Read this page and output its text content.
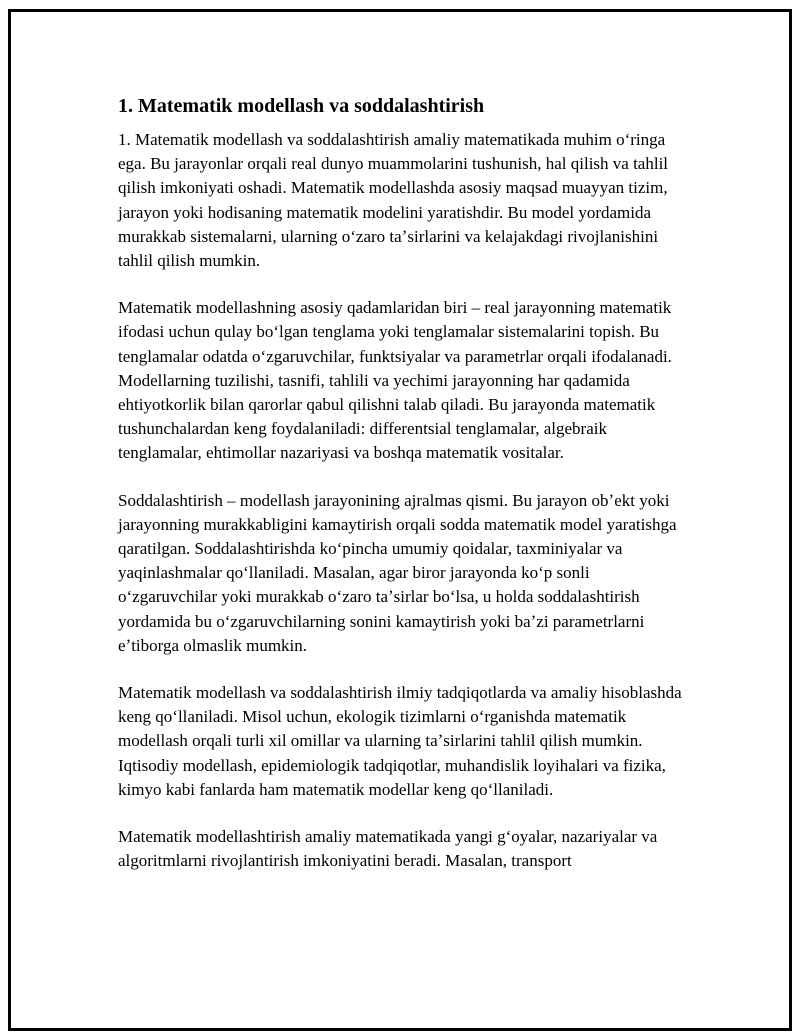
1. Matematik modellash va soddalashtirish

1. Matematik modellash va soddalashtirish amaliy matematikada muhim oʻringa ega. Bu jarayonlar orqali real dunyo muammolarini tushunish, hal qilish va tahlil qilish imkoniyati oshadi. Matematik modellashda asosiy maqsad muayyan tizim, jarayon yoki hodisaning matematik modelini yaratishdir. Bu model yordamida murakkab sistemalarni, ularning oʻzaro taʼsirlarini va kelajakdagi rivojlanishini tahlil qilish mumkin.

Matematik modellashning asosiy qadamlaridan biri – real jarayonning matematik ifodasi uchun qulay boʻlgan tenglama yoki tenglamalar sistemalarini topish. Bu tenglamalar odatda oʻzgaruvchilar, funktsiyalar va parametrlar orqali ifodalanadi. Modellarning tuzilishi, tasnifi, tahlili va yechimi jarayonning har qadamida ehtiyotkorlik bilan qarorlar qabul qilishni talab qiladi. Bu jarayonda matematik tushunchalardan keng foydalaniladi: differentsial tenglamalar, algebraik tenglamalar, ehtimollar nazariyasi va boshqa matematik vositalar.

Soddalashtirish – modellash jarayonining ajralmas qismi. Bu jarayon obʼekt yoki jarayonning murakkabligini kamaytirish orqali sodda matematik model yaratishga qaratilgan. Soddalashtirishda koʻpincha umumiy qoidalar, taxminiyalar va yaqinlashmalar qoʻllaniladi. Masalan, agar biror jarayonda koʻp sonli oʻzgaruvchilar yoki murakkab oʻzaro taʼsirlar boʻlsa, u holda soddalashtirish yordamida bu oʻzgaruvchilarning sonini kamaytirish yoki baʼzi parametrlarni eʼtiborga olmaslik mumkin.

Matematik modellash va soddalashtirish ilmiy tadqiqotlarda va amaliy hisoblashda keng qoʻllaniladi. Misol uchun, ekologik tizimlarni oʻrganishda matematik modellash orqali turli xil omillar va ularning taʼsirlarini tahlil qilish mumkin. Iqtisodiy modellash, epidemiologik tadqiqotlar, muhandislik loyihalari va fizika, kimyo kabi fanlarda ham matematik modellar keng qoʻllaniladi.

Matematik modellashtirish amaliy matematikada yangi gʻoyalar, nazariyalar va algoritmlarni rivojlantirish imkoniyatini beradi. Masalan, transport
